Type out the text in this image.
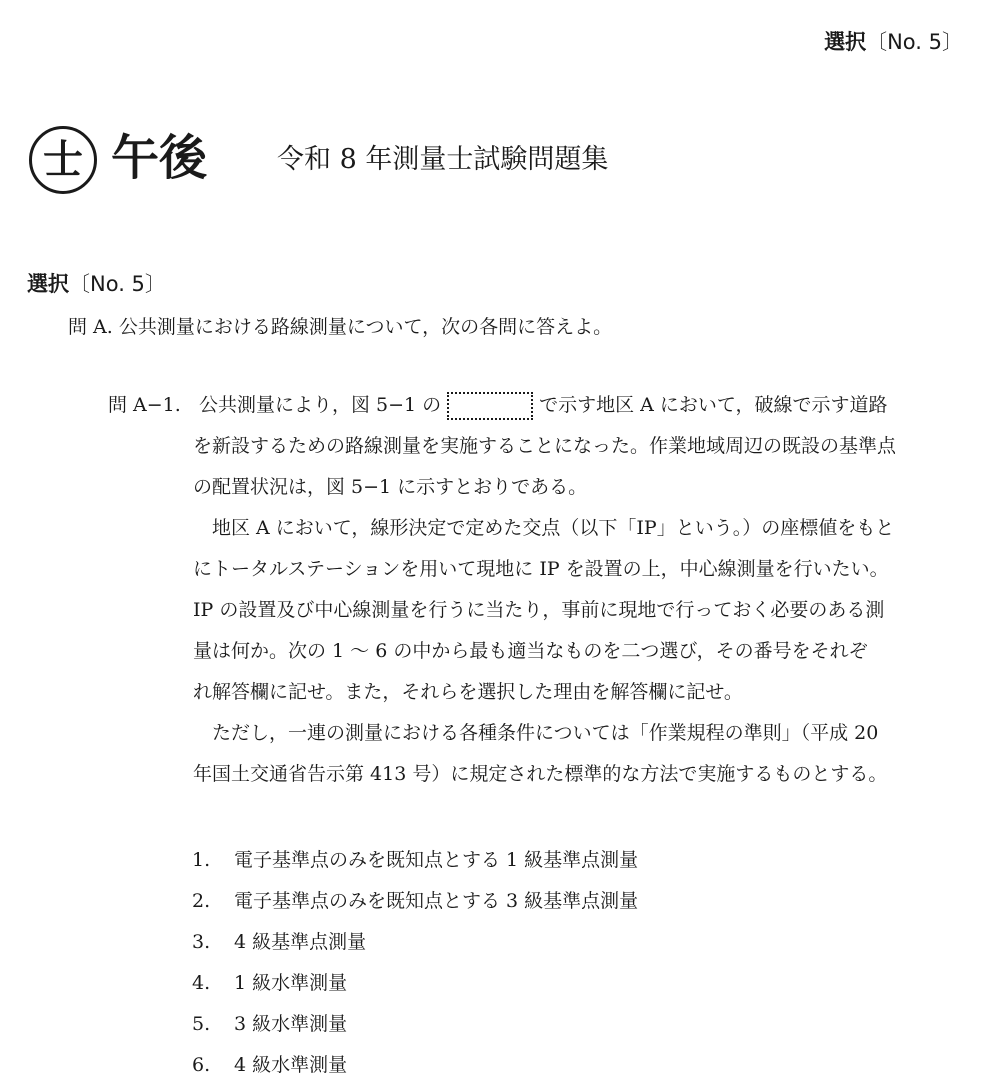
選択〔No. 5〕
士 午後	令和 8 年測量士試験問題集
選択〔No. 5〕
問 A. 公共測量における路線測量について，次の各問に答えよ。
問 A−1. 公共測量により，図 5−1 の	で示す地区 A において，破線で示す道路
を新設するための路線測量を実施することになった。作業地域周辺の既設の基準点
の配置状況は，図 5−1 に示すとおりである。
　地区 A において，線形決定で定めた交点（以下「IP」という。）の座標値をもと
にトータルステーションを用いて現地に IP を設置の上，中心線測量を行いたい。
IP の設置及び中心線測量を行うに当たり，事前に現地で行っておく必要のある測
量は何か。次の 1 〜 6 の中から最も適当なものを二つ選び，その番号をそれぞ
れ解答欄に記せ。また，それらを選択した理由を解答欄に記せ。
　ただし，一連の測量における各種条件については「作業規程の準則」（平成 20
年国土交通省告示第 413 号）に規定された標準的な方法で実施するものとする。
1. 電子基準点のみを既知点とする 1 級基準点測量
2. 電子基準点のみを既知点とする 3 級基準点測量
3. 4 級基準点測量
4. 1 級水準測量
5. 3 級水準測量
6. 4 級水準測量
